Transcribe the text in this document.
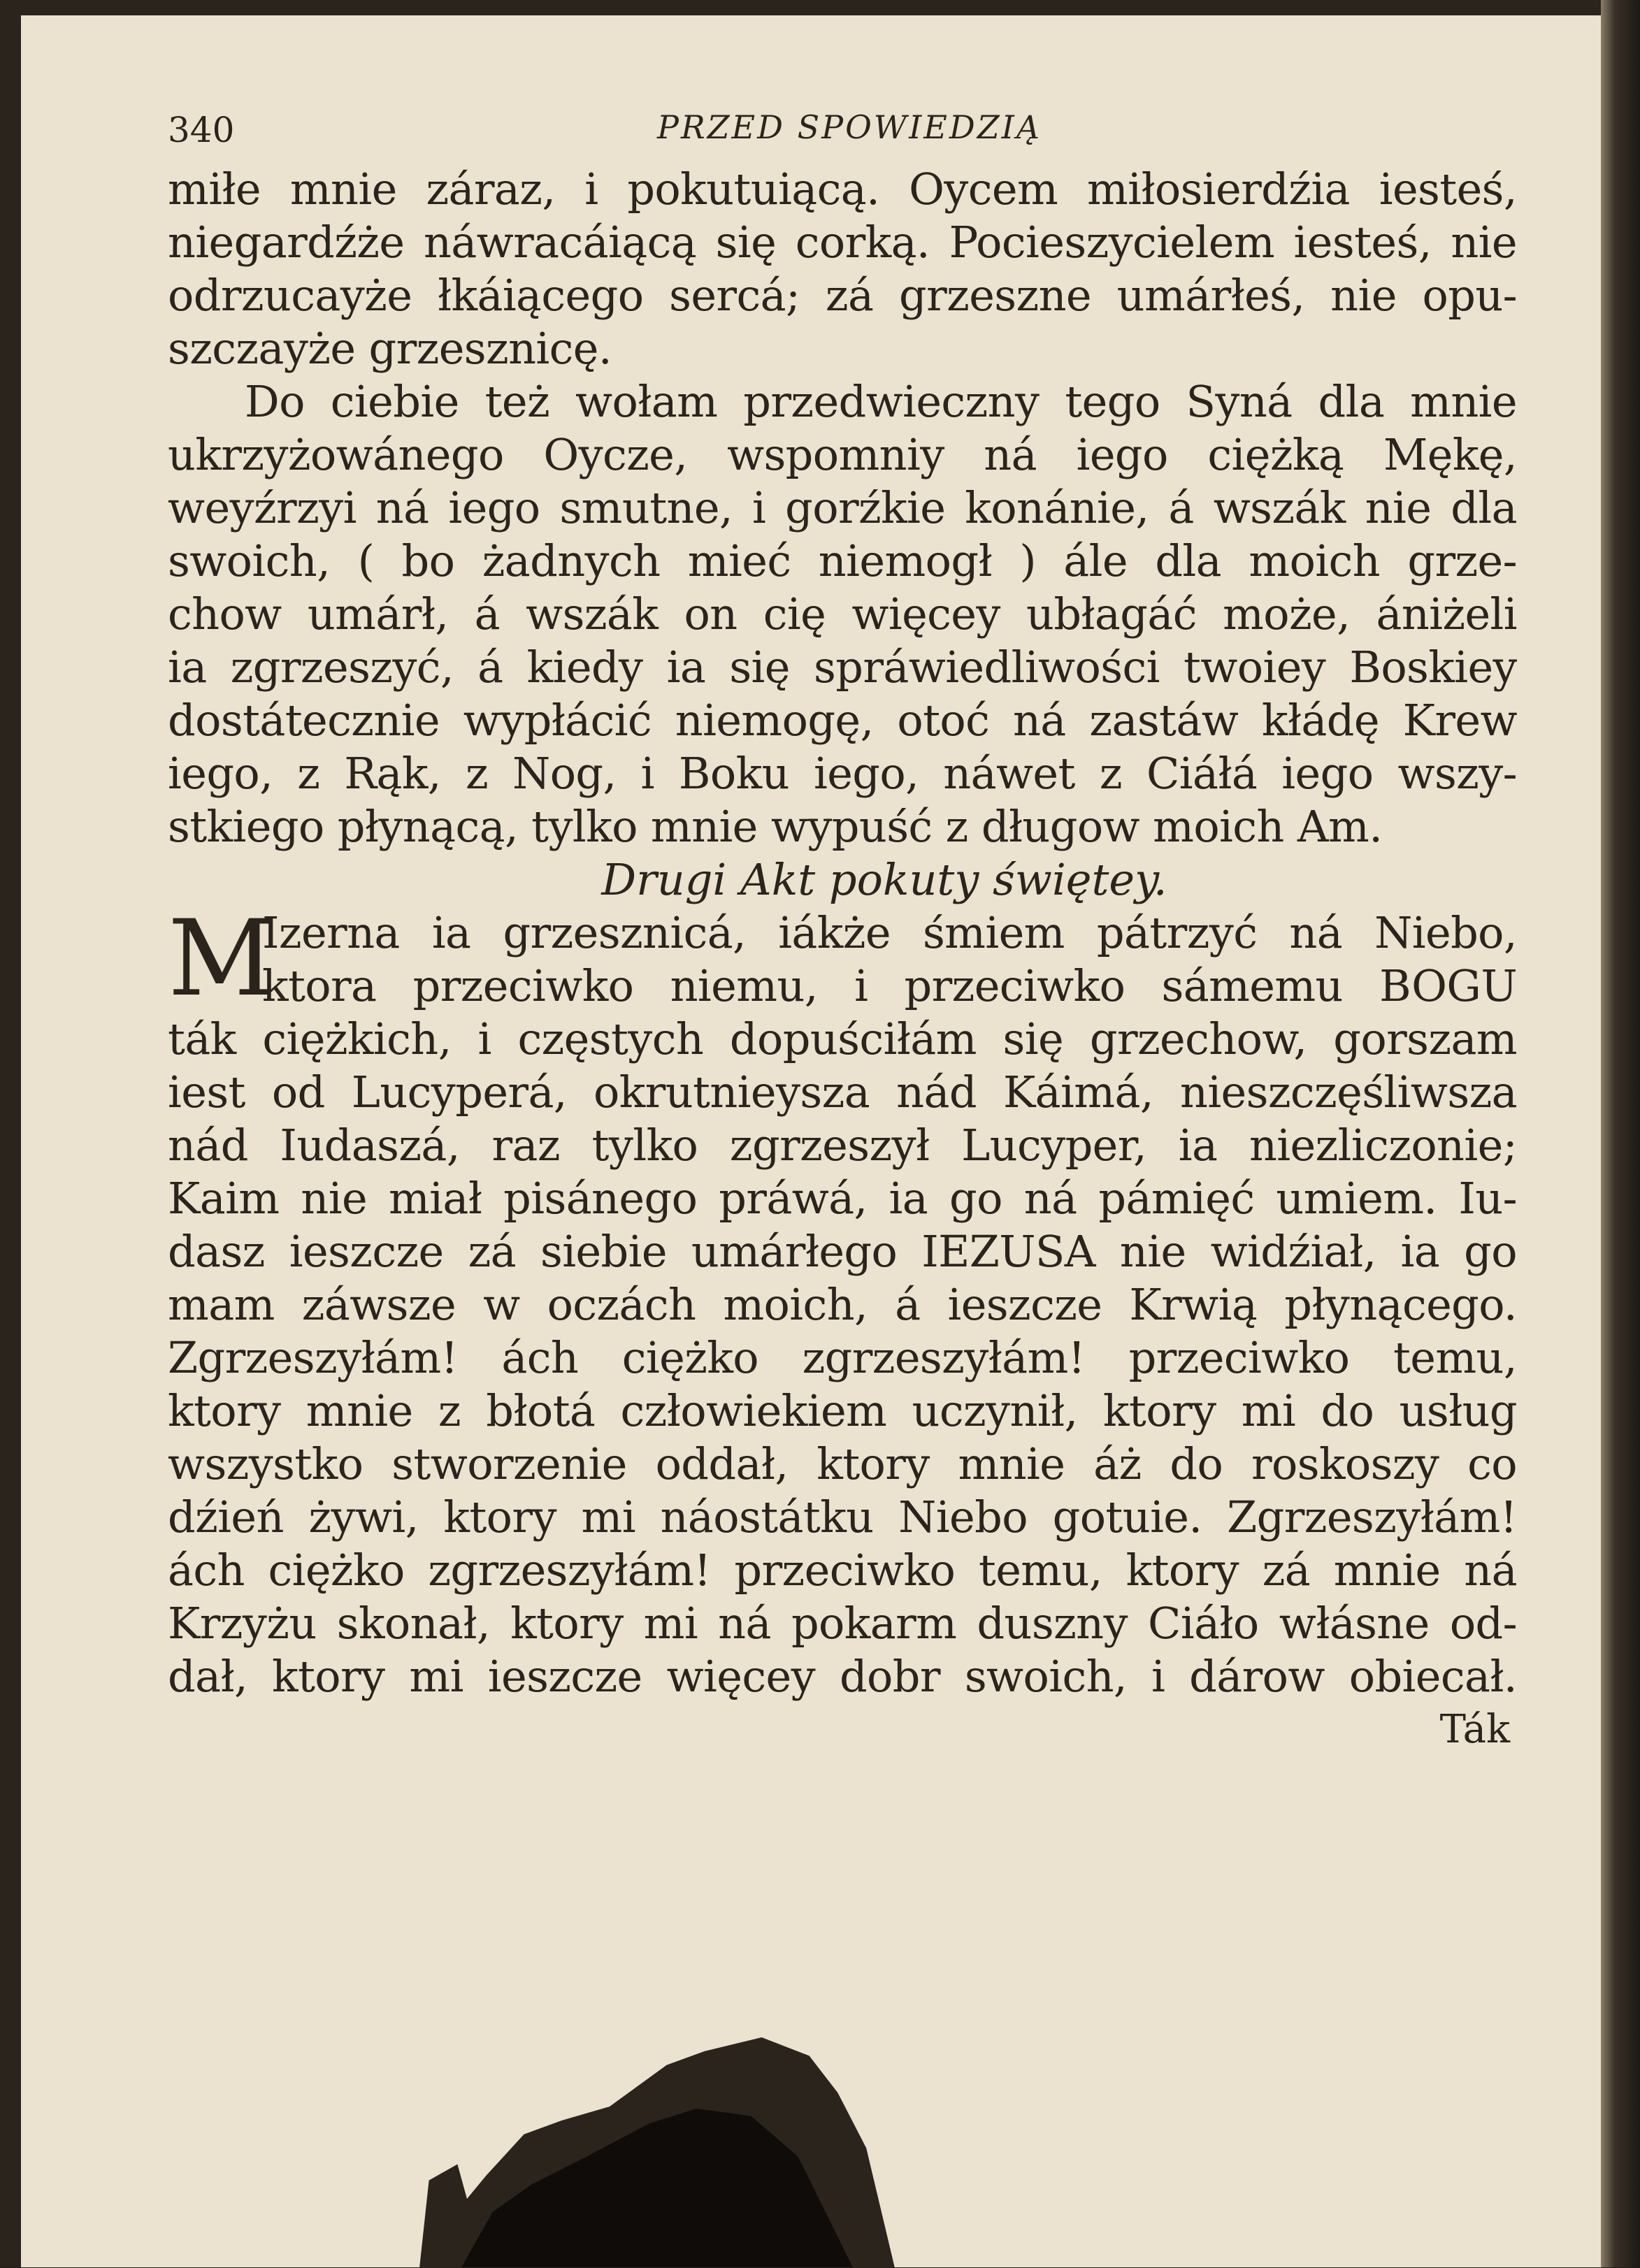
340	PRZED SPOWIEDZIĄ
miłe mnie záraz, i pokutuiącą. Oycem miłosierdźia iesteś,
niegardźże náwracáiącą się corką. Pocieszycielem iesteś, nie
odrzucayże łkáiącego sercá; zá grzeszne umárłeś, nie opu-
szczayże grzesznicę.
Do ciebie też wołam przedwieczny tego Syná dla mnie
ukrzyżowánego Oycze, wspomniy ná iego ciężką Mękę,
weyźrzyi ná iego smutne, i gorźkie konánie, á wszák nie dla
swoich, ( bo żadnych mieć niemogł ) ále dla moich grze-
chow umárł, á wszák on cię więcey ubłagáć może, ániżeli
ia zgrzeszyć, á kiedy ia się spráwiedliwości twoiey Boskiey
dostátecznie wypłácić niemogę, otoć ná zastáw kłádę Krew
iego, z Rąk, z Nog, i Boku iego, náwet z Ciáłá iego wszy-
stkiego płynącą, tylko mnie wypuść z długow moich Am.
Drugi Akt pokuty świętey.
M
Izerna ia grzesznicá, iákże śmiem pátrzyć ná Niebo,
ktora przeciwko niemu, i przeciwko sámemu BOGU
ták ciężkich, i częstych dopuściłám się grzechow, gorszam
iest od Lucyperá, okrutnieysza nád Káimá, nieszczęśliwsza
nád Iudaszá, raz tylko zgrzeszył Lucyper, ia niezliczonie;
Kaim nie miał pisánego práwá, ia go ná pámięć umiem. Iu-
dasz ieszcze zá siebie umárłego IEZUSA nie widźiał, ia go
mam záwsze w oczách moich, á ieszcze Krwią płynącego.
Zgrzeszyłám! ách ciężko zgrzeszyłám! przeciwko temu,
ktory mnie z błotá człowiekiem uczynił, ktory mi do usług
wszystko stworzenie oddał, ktory mnie áż do roskoszy co
dźień żywi, ktory mi náostátku Niebo gotuie. Zgrzeszyłám!
ách ciężko zgrzeszyłám! przeciwko temu, ktory zá mnie ná
Krzyżu skonał, ktory mi ná pokarm duszny Ciáło włásne od-
dał, ktory mi ieszcze więcey dobr swoich, i dárow obiecał.
Ták
